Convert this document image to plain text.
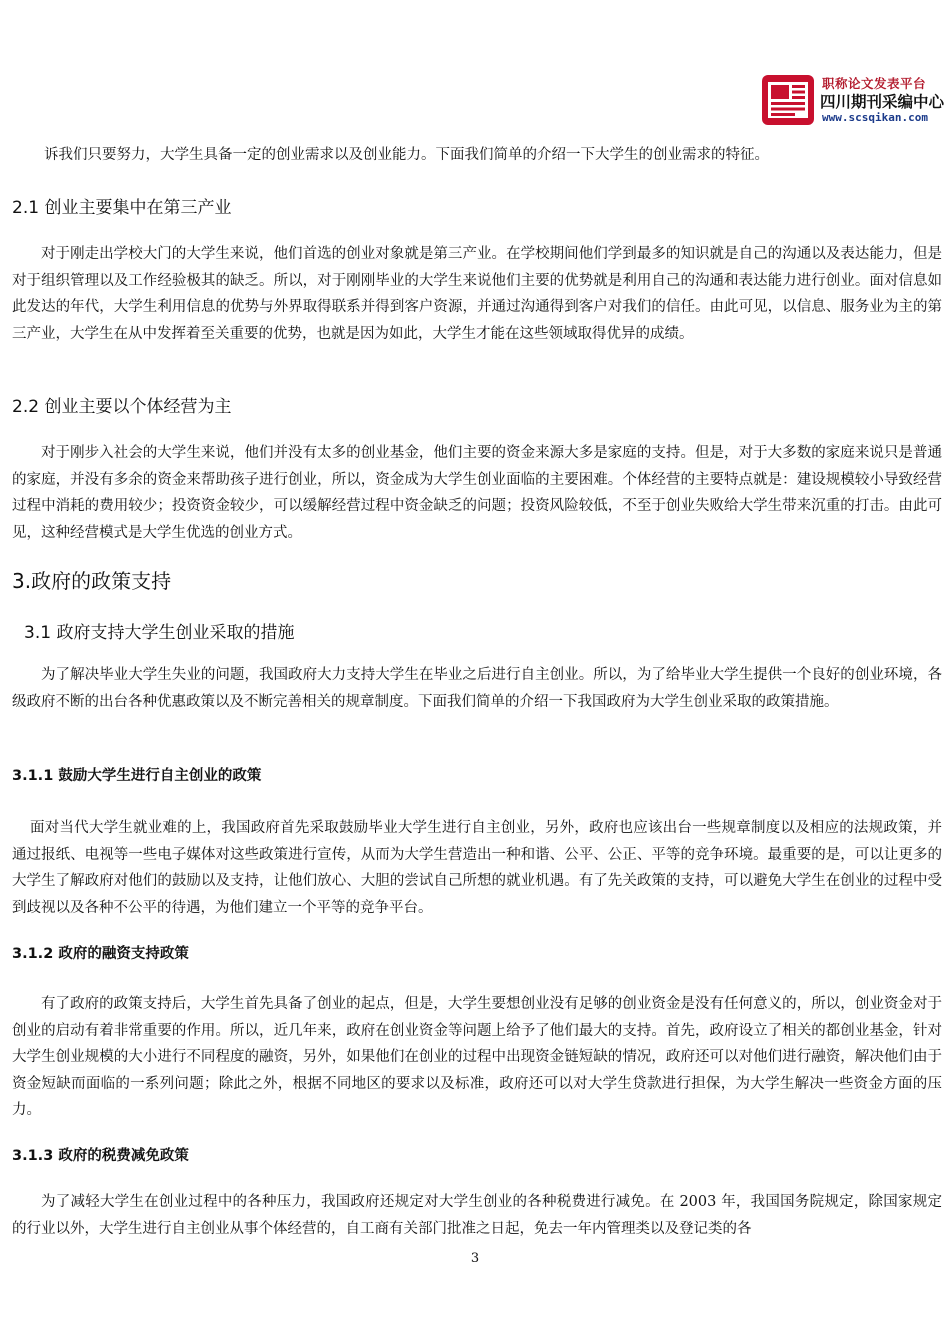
职称论文发表平台
四川期刊采编中心
www.scsqikan.com

诉我们只要努力，大学生具备一定的创业需求以及创业能力。下面我们简单的介绍一下大学生的创业需求的特征。

2.1 创业主要集中在第三产业

对于刚走出学校大门的大学生来说，他们首选的创业对象就是第三产业。在学校期间他们学到最多的知识就是自己的沟通以及表达能力，但是对于组织管理以及工作经验极其的缺乏。所以，对于刚刚毕业的大学生来说他们主要的优势就是利用自己的沟通和表达能力进行创业。面对信息如此发达的年代，大学生利用信息的优势与外界取得联系并得到客户资源，并通过沟通得到客户对我们的信任。由此可见，以信息、服务业为主的第三产业，大学生在从中发挥着至关重要的优势，也就是因为如此，大学生才能在这些领域取得优异的成绩。

2.2 创业主要以个体经营为主

对于刚步入社会的大学生来说，他们并没有太多的创业基金，他们主要的资金来源大多是家庭的支持。但是，对于大多数的家庭来说只是普通的家庭，并没有多余的资金来帮助孩子进行创业，所以，资金成为大学生创业面临的主要困难。个体经营的主要特点就是：建设规模较小导致经营过程中消耗的费用较少；投资资金较少，可以缓解经营过程中资金缺乏的问题；投资风险较低，不至于创业失败给大学生带来沉重的打击。由此可见，这种经营模式是大学生优选的创业方式。

3.政府的政策支持
3.1 政府支持大学生创业采取的措施

为了解决毕业大学生失业的问题，我国政府大力支持大学生在毕业之后进行自主创业。所以，为了给毕业大学生提供一个良好的创业环境，各级政府不断的出台各种优惠政策以及不断完善相关的规章制度。下面我们简单的介绍一下我国政府为大学生创业采取的政策措施。

3.1.1 鼓励大学生进行自主创业的政策

面对当代大学生就业难的上，我国政府首先采取鼓励毕业大学生进行自主创业，另外，政府也应该出台一些规章制度以及相应的法规政策，并通过报纸、电视等一些电子媒体对这些政策进行宣传，从而为大学生营造出一种和谐、公平、公正、平等的竞争环境。最重要的是，可以让更多的大学生了解政府对他们的鼓励以及支持，让他们放心、大胆的尝试自己所想的就业机遇。有了先关政策的支持，可以避免大学生在创业的过程中受到歧视以及各种不公平的待遇，为他们建立一个平等的竞争平台。

3.1.2 政府的融资支持政策

有了政府的政策支持后，大学生首先具备了创业的起点，但是，大学生要想创业没有足够的创业资金是没有任何意义的，所以，创业资金对于创业的启动有着非常重要的作用。所以，近几年来，政府在创业资金等问题上给予了他们最大的支持。首先，政府设立了相关的都创业基金，针对大学生创业规模的大小进行不同程度的融资，另外，如果他们在创业的过程中出现资金链短缺的情况，政府还可以对他们进行融资，解决他们由于资金短缺而面临的一系列问题；除此之外，根据不同地区的要求以及标准，政府还可以对大学生贷款进行担保，为大学生解决一些资金方面的压力。

3.1.3 政府的税费减免政策

为了减轻大学生在创业过程中的各种压力，我国政府还规定对大学生创业的各种税费进行减免。在 2003 年，我国国务院规定，除国家规定的行业以外，大学生进行自主创业从事个体经营的，自工商有关部门批准之日起，免去一年内管理类以及登记类的各

3
